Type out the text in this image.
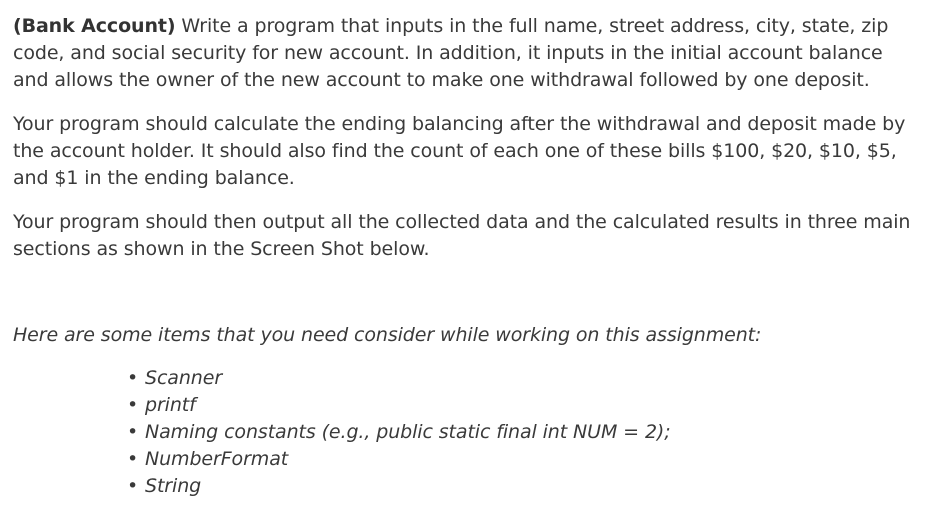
(Bank Account) Write a program that inputs in the full name, street address, city, state, zip code, and social security for new account. In addition, it inputs in the initial account balance and allows the owner of the new account to make one withdrawal followed by one deposit.

Your program should calculate the ending balancing after the withdrawal and deposit made by the account holder. It should also find the count of each one of these bills $100, $20, $10, $5, and $1 in the ending balance.

Your program should then output all the collected data and the calculated results in three main sections as shown in the Screen Shot below.

Here are some items that you need consider while working on this assignment:

• Scanner
• printf
• Naming constants (e.g., public static final int NUM = 2);
• NumberFormat
• String
